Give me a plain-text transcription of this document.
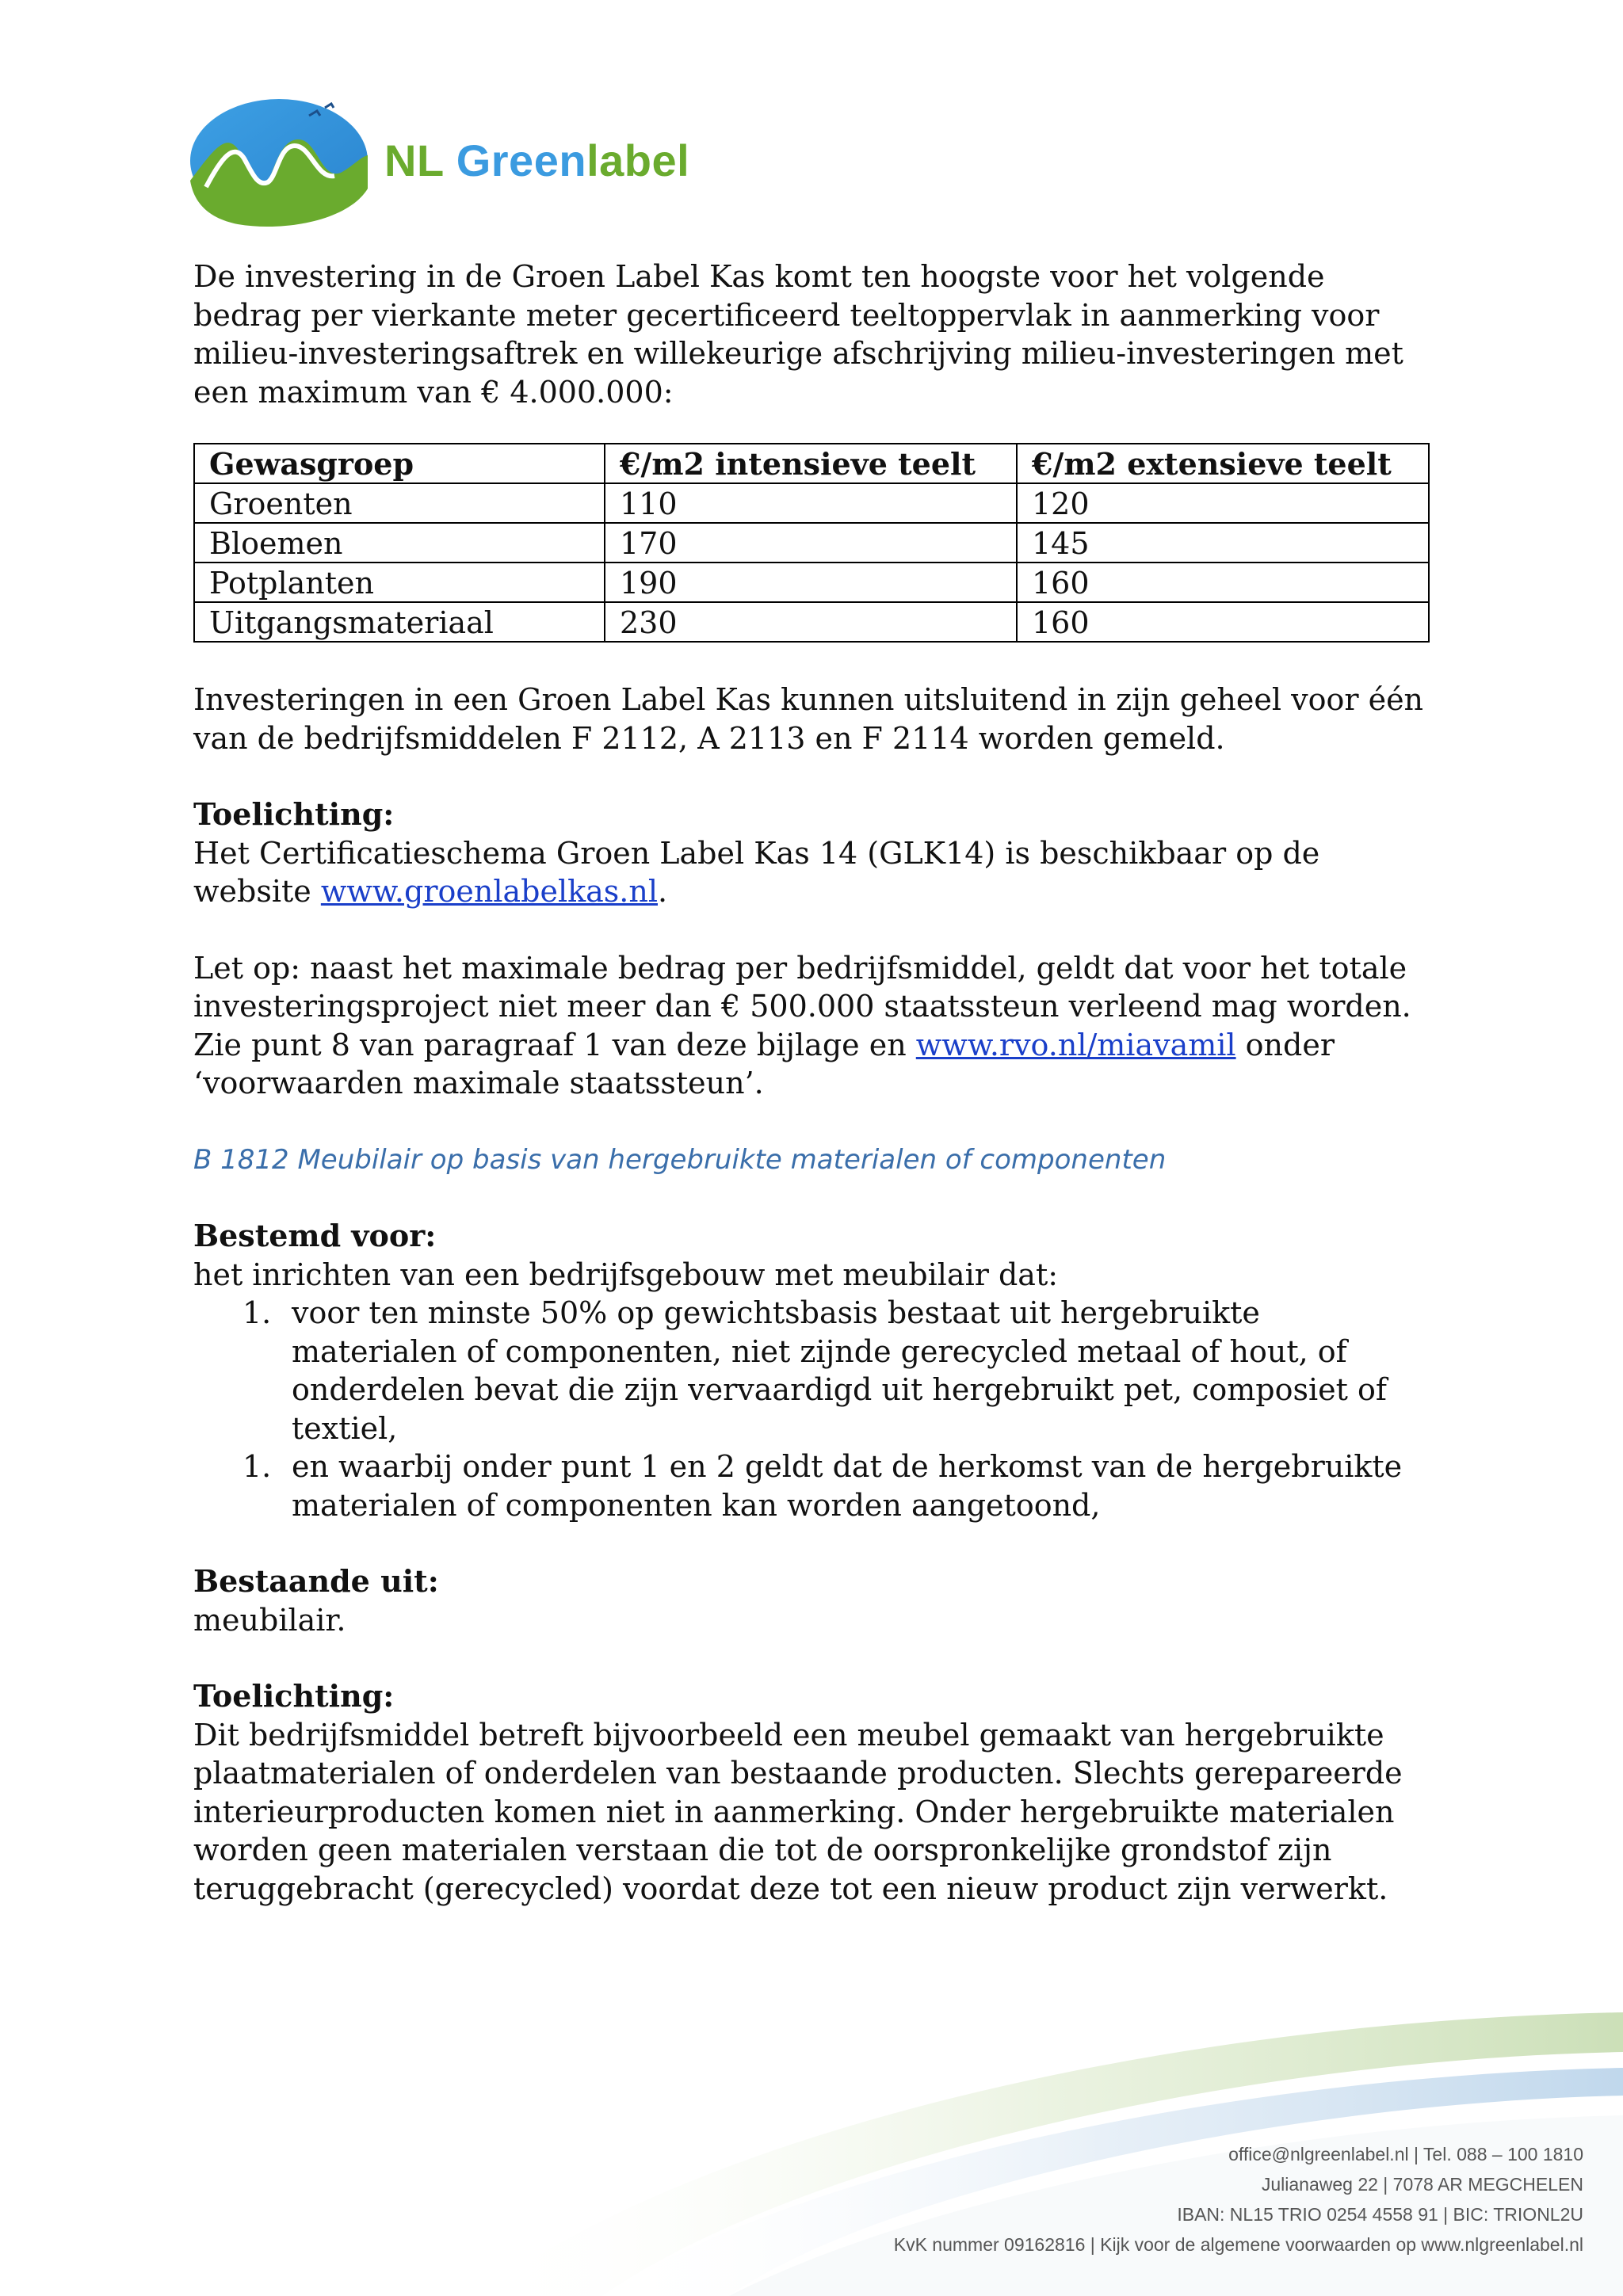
NL Greenlabel

De investering in de Groen Label Kas komt ten hoogste voor het volgende bedrag per vierkante meter gecertificeerd teeltoppervlak in aanmerking voor milieu-investeringsaftrek en willekeurige afschrijving milieu-investeringen met een maximum van € 4.000.000:

Gewasgroep	€/m2 intensieve teelt	€/m2 extensieve teelt
Groenten	110	120
Bloemen	170	145
Potplanten	190	160
Uitgangsmateriaal	230	160

Investeringen in een Groen Label Kas kunnen uitsluitend in zijn geheel voor één van de bedrijfsmiddelen F 2112, A 2113 en F 2114 worden gemeld.

Toelichting:

Het Certificatieschema Groen Label Kas 14 (GLK14) is beschikbaar op de website www.groenlabelkas.nl.

Let op: naast het maximale bedrag per bedrijfsmiddel, geldt dat voor het totale investeringsproject niet meer dan € 500.000 staatssteun verleend mag worden. Zie punt 8 van paragraaf 1 van deze bijlage en www.rvo.nl/miavamil onder ‘voorwaarden maximale staatssteun’.

B 1812 Meubilair op basis van hergebruikte materialen of componenten

Bestemd voor:

het inrichten van een bedrijfsgebouw met meubilair dat:

1. voor ten minste 50% op gewichtsbasis bestaat uit hergebruikte materialen of componenten, niet zijnde gerecycled metaal of hout, of onderdelen bevat die zijn vervaardigd uit hergebruikt pet, composiet of textiel,
1. en waarbij onder punt 1 en 2 geldt dat de herkomst van de hergebruikte materialen of componenten kan worden aangetoond,

Bestaande uit:

meubilair.

Toelichting:

Dit bedrijfsmiddel betreft bijvoorbeeld een meubel gemaakt van hergebruikte plaatmaterialen of onderdelen van bestaande producten. Slechts gerepareerde interieurproducten komen niet in aanmerking. Onder hergebruikte materialen worden geen materialen verstaan die tot de oorspronkelijke grondstof zijn teruggebracht (gerecycled) voordat deze tot een nieuw product zijn verwerkt.

office@nlgreenlabel.nl | Tel. 088 – 100 1810
Julianaweg 22 | 7078 AR MEGCHELEN
IBAN: NL15 TRIO 0254 4558 91 | BIC: TRIONL2U
KvK nummer 09162816 | Kijk voor de algemene voorwaarden op www.nlgreenlabel.nl
